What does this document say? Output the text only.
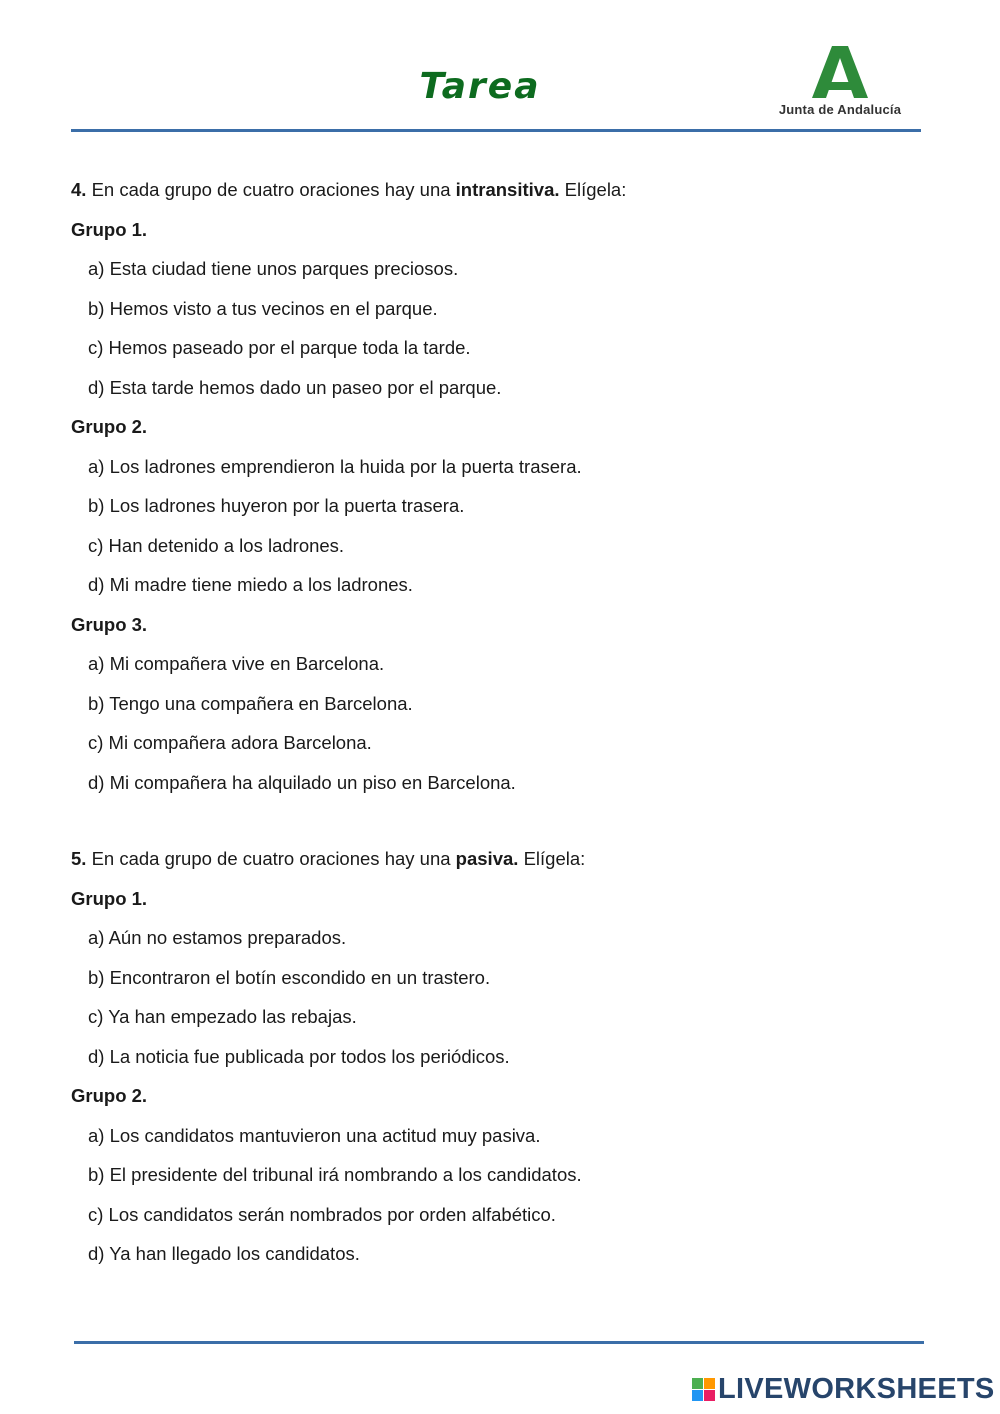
Tarea
Junta de Andalucía
4. En cada grupo de cuatro oraciones hay una intransitiva. Elígela:
Grupo 1.
a) Esta ciudad tiene unos parques preciosos.
b) Hemos visto a tus vecinos en el parque.
c) Hemos paseado por el parque toda la tarde.
d) Esta tarde hemos dado un paseo por el parque.
Grupo 2.
a) Los ladrones emprendieron la huida por la puerta trasera.
b) Los ladrones huyeron por la puerta trasera.
c) Han detenido a los ladrones.
d) Mi madre tiene miedo a los ladrones.
Grupo 3.
a) Mi compañera vive en Barcelona.
b) Tengo una compañera en Barcelona.
c) Mi compañera adora Barcelona.
d) Mi compañera ha alquilado un piso en Barcelona.
5. En cada grupo de cuatro oraciones hay una pasiva. Elígela:
Grupo 1.
a) Aún no estamos preparados.
b) Encontraron el botín escondido en un trastero.
c) Ya han empezado las rebajas.
d) La noticia fue publicada por todos los periódicos.
Grupo 2.
a) Los candidatos mantuvieron una actitud muy pasiva.
b) El presidente del tribunal irá nombrando a los candidatos.
c) Los candidatos serán nombrados por orden alfabético.
d) Ya han llegado los candidatos.
LIVEWORKSHEETS
